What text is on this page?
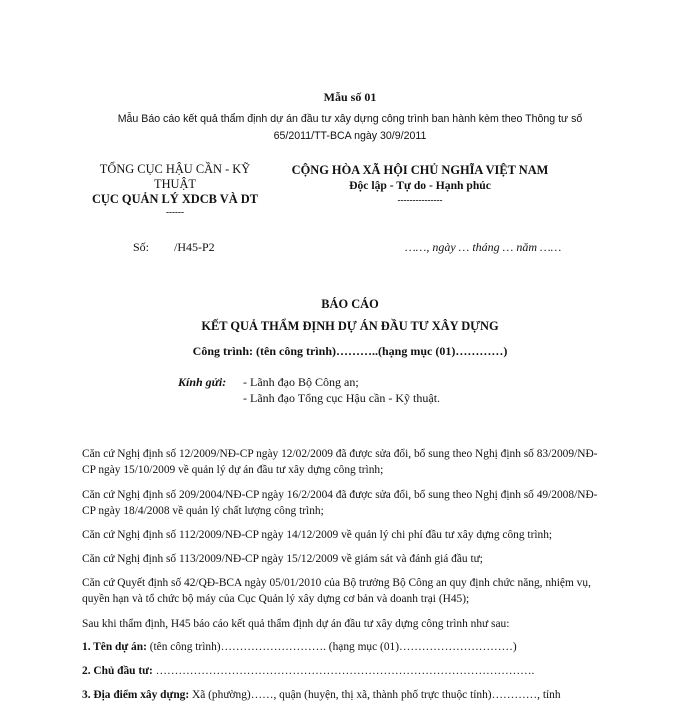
Mẫu số 01
Mẫu Báo cáo kết quả thẩm định dự án đầu tư xây dựng công trình ban hành kèm theo Thông tư số
65/2011/TT-BCA ngày 30/9/2011
TỔNG CỤC HẬU CẦN - KỸ
THUẬT
CỤC QUẢN LÝ XDCB VÀ DT
------
CỘNG HÒA XÃ HỘI CHỦ NGHĨA VIỆT NAM
Độc lập - Tự do - Hạnh phúc
---------------
Số: /H45-P2	……, ngày … tháng … năm ……
BÁO CÁO
KẾT QUẢ THẨM ĐỊNH DỰ ÁN ĐẦU TƯ XÂY DỰNG
Công trình: (tên công trình)………..(hạng mục (01)…………)
Kính gửi: - Lãnh đạo Bộ Công an;
- Lãnh đạo Tổng cục Hậu cần - Kỹ thuật.
Căn cứ Nghị định số 12/2009/NĐ-CP ngày 12/02/2009 đã được sửa đổi, bổ sung theo Nghị định số 83/2009/NĐ-CP ngày 15/10/2009 về quản lý dự án đầu tư xây dựng công trình;
Căn cứ Nghị định số 209/2004/NĐ-CP ngày 16/2/2004 đã được sửa đổi, bổ sung theo Nghị định số 49/2008/NĐ-CP ngày 18/4/2008 về quản lý chất lượng công trình;
Căn cứ Nghị định số 112/2009/NĐ-CP ngày 14/12/2009 về quản lý chi phí đầu tư xây dựng công trình;
Căn cứ Nghị định số 113/2009/NĐ-CP ngày 15/12/2009 về giám sát và đánh giá đầu tư;
Căn cứ Quyết định số 42/QĐ-BCA ngày 05/01/2010 của Bộ trưởng Bộ Công an quy định chức năng, nhiệm vụ, quyền hạn và tổ chức bộ máy của Cục Quản lý xây dựng cơ bản và doanh trại (H45);
Sau khi thẩm định, H45 báo cáo kết quả thẩm định dự án đầu tư xây dựng công trình như sau:
1. Tên dự án: (tên công trình)………………………. (hạng mục (01)…………………………)
2. Chủ đầu tư: ……………………………………………………………………………………….
3. Địa điểm xây dựng: Xã (phường)……, quận (huyện, thị xã, thành phố trực thuộc tỉnh)…………, tỉnh
